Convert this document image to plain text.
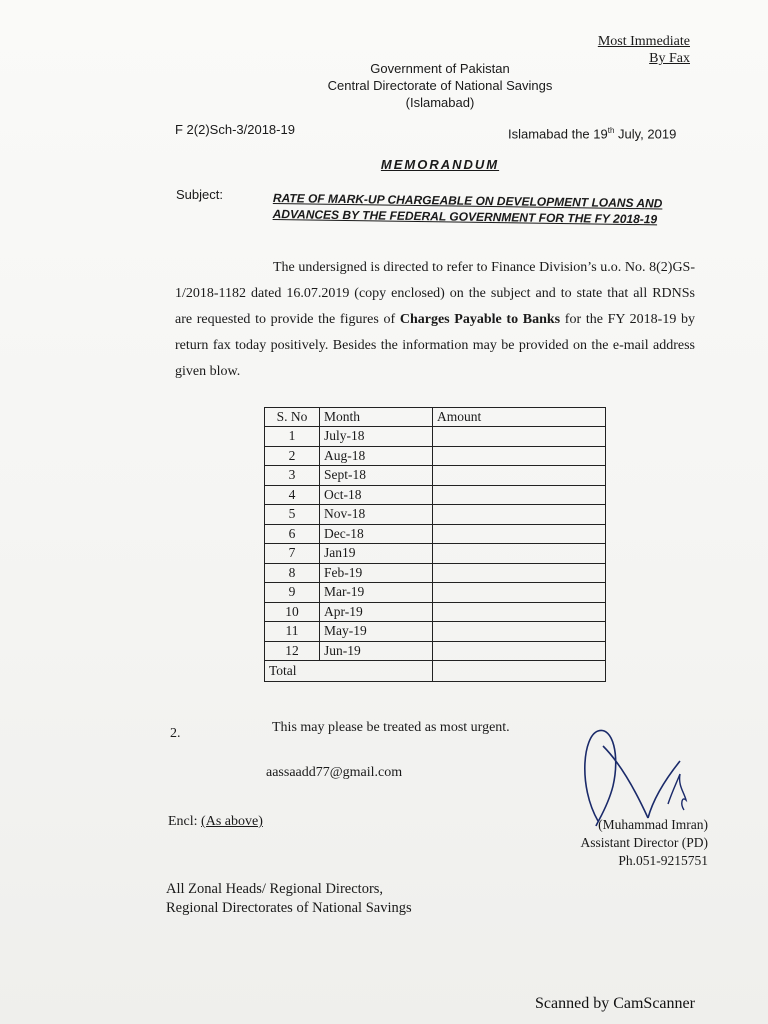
Most Immediate
By Fax
Government of Pakistan
Central Directorate of National Savings
(Islamabad)
F 2(2)Sch-3/2018-19	Islamabad the 19th July, 2019
MEMORANDUM
Subject:	RATE OF MARK-UP CHARGEABLE ON DEVELOPMENT LOANS AND ADVANCES BY THE FEDERAL GOVERNMENT FOR THE FY 2018-19
The undersigned is directed to refer to Finance Division’s u.o. No. 8(2)GS-1/2018-1182 dated 16.07.2019 (copy enclosed) on the subject and to state that all RDNSs are requested to provide the figures of Charges Payable to Banks for the FY 2018-19 by return fax today positively. Besides the information may be provided on the e-mail address given blow.
S. No	Month	Amount
1	July-18	
2	Aug-18	
3	Sept-18	
4	Oct-18	
5	Nov-18	
6	Dec-18	
7	Jan19	
8	Feb-19	
9	Mar-19	
10	Apr-19	
11	May-19	
12	Jun-19	
Total		
2.	This may please be treated as most urgent.
aassaadd77@gmail.com
Encl: (As above)	(Muhammad Imran)
Assistant Director (PD)
Ph.051-9215751
All Zonal Heads/ Regional Directors,
Regional Directorates of National Savings
Scanned by CamScanner
